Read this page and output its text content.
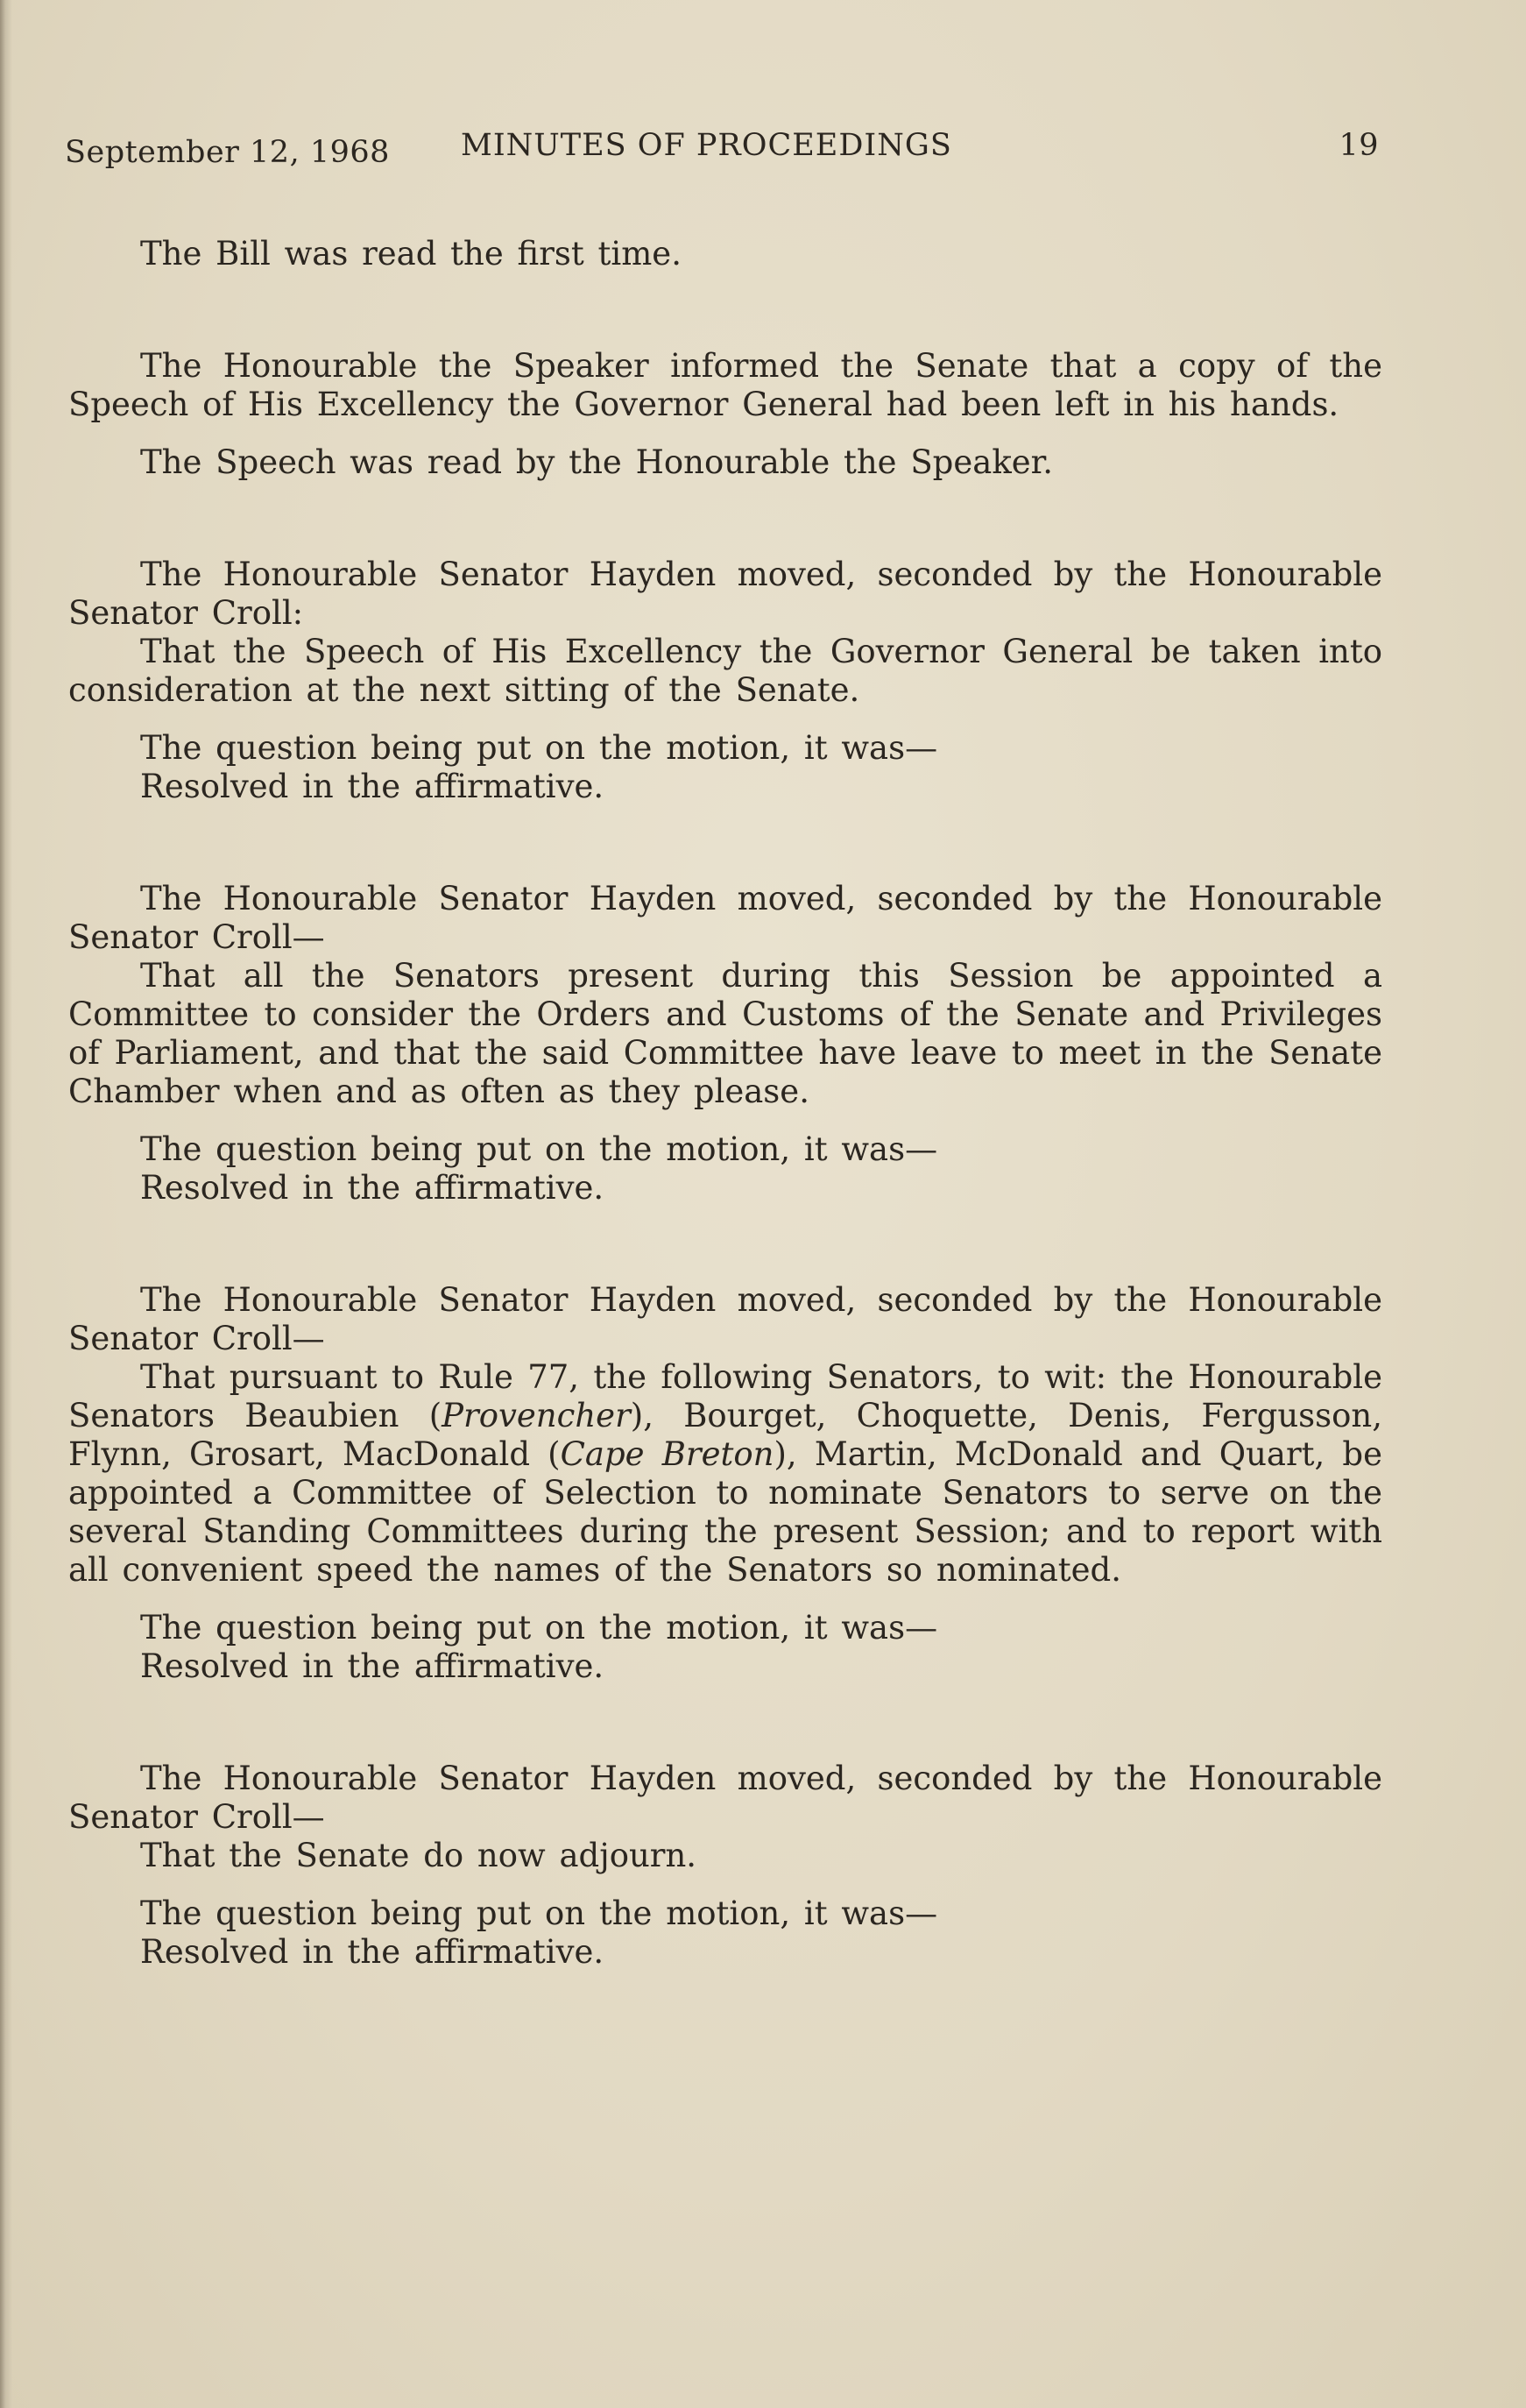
September 12, 1968 MINUTES OF PROCEEDINGS	19

The Bill was read the first time.

The Honourable the Speaker informed the Senate that a copy of the Speech of His Excellency the Governor General had been left in his hands.

The Speech was read by the Honourable the Speaker.

The Honourable Senator Hayden moved, seconded by the Honourable Senator Croll:

That the Speech of His Excellency the Governor General be taken into consideration at the next sitting of the Senate.

The question being put on the motion, it was—

Resolved in the affirmative.

The Honourable Senator Hayden moved, seconded by the Honourable Senator Croll—

That all the Senators present during this Session be appointed a Committee to consider the Orders and Customs of the Senate and Privileges of Parliament, and that the said Committee have leave to meet in the Senate Chamber when and as often as they please.

The question being put on the motion, it was—

Resolved in the affirmative.

The Honourable Senator Hayden moved, seconded by the Honourable Senator Croll—

That pursuant to Rule 77, the following Senators, to wit: the Honourable Senators Beaubien (Provencher), Bourget, Choquette, Denis, Fergusson, Flynn, Grosart, MacDonald (Cape Breton), Martin, McDonald and Quart, be appointed a Committee of Selection to nominate Senators to serve on the several Standing Committees during the present Session; and to report with all convenient speed the names of the Senators so nominated.

The question being put on the motion, it was—

Resolved in the affirmative.

The Honourable Senator Hayden moved, seconded by the Honourable Senator Croll—

That the Senate do now adjourn.

The question being put on the motion, it was—

Resolved in the affirmative.
